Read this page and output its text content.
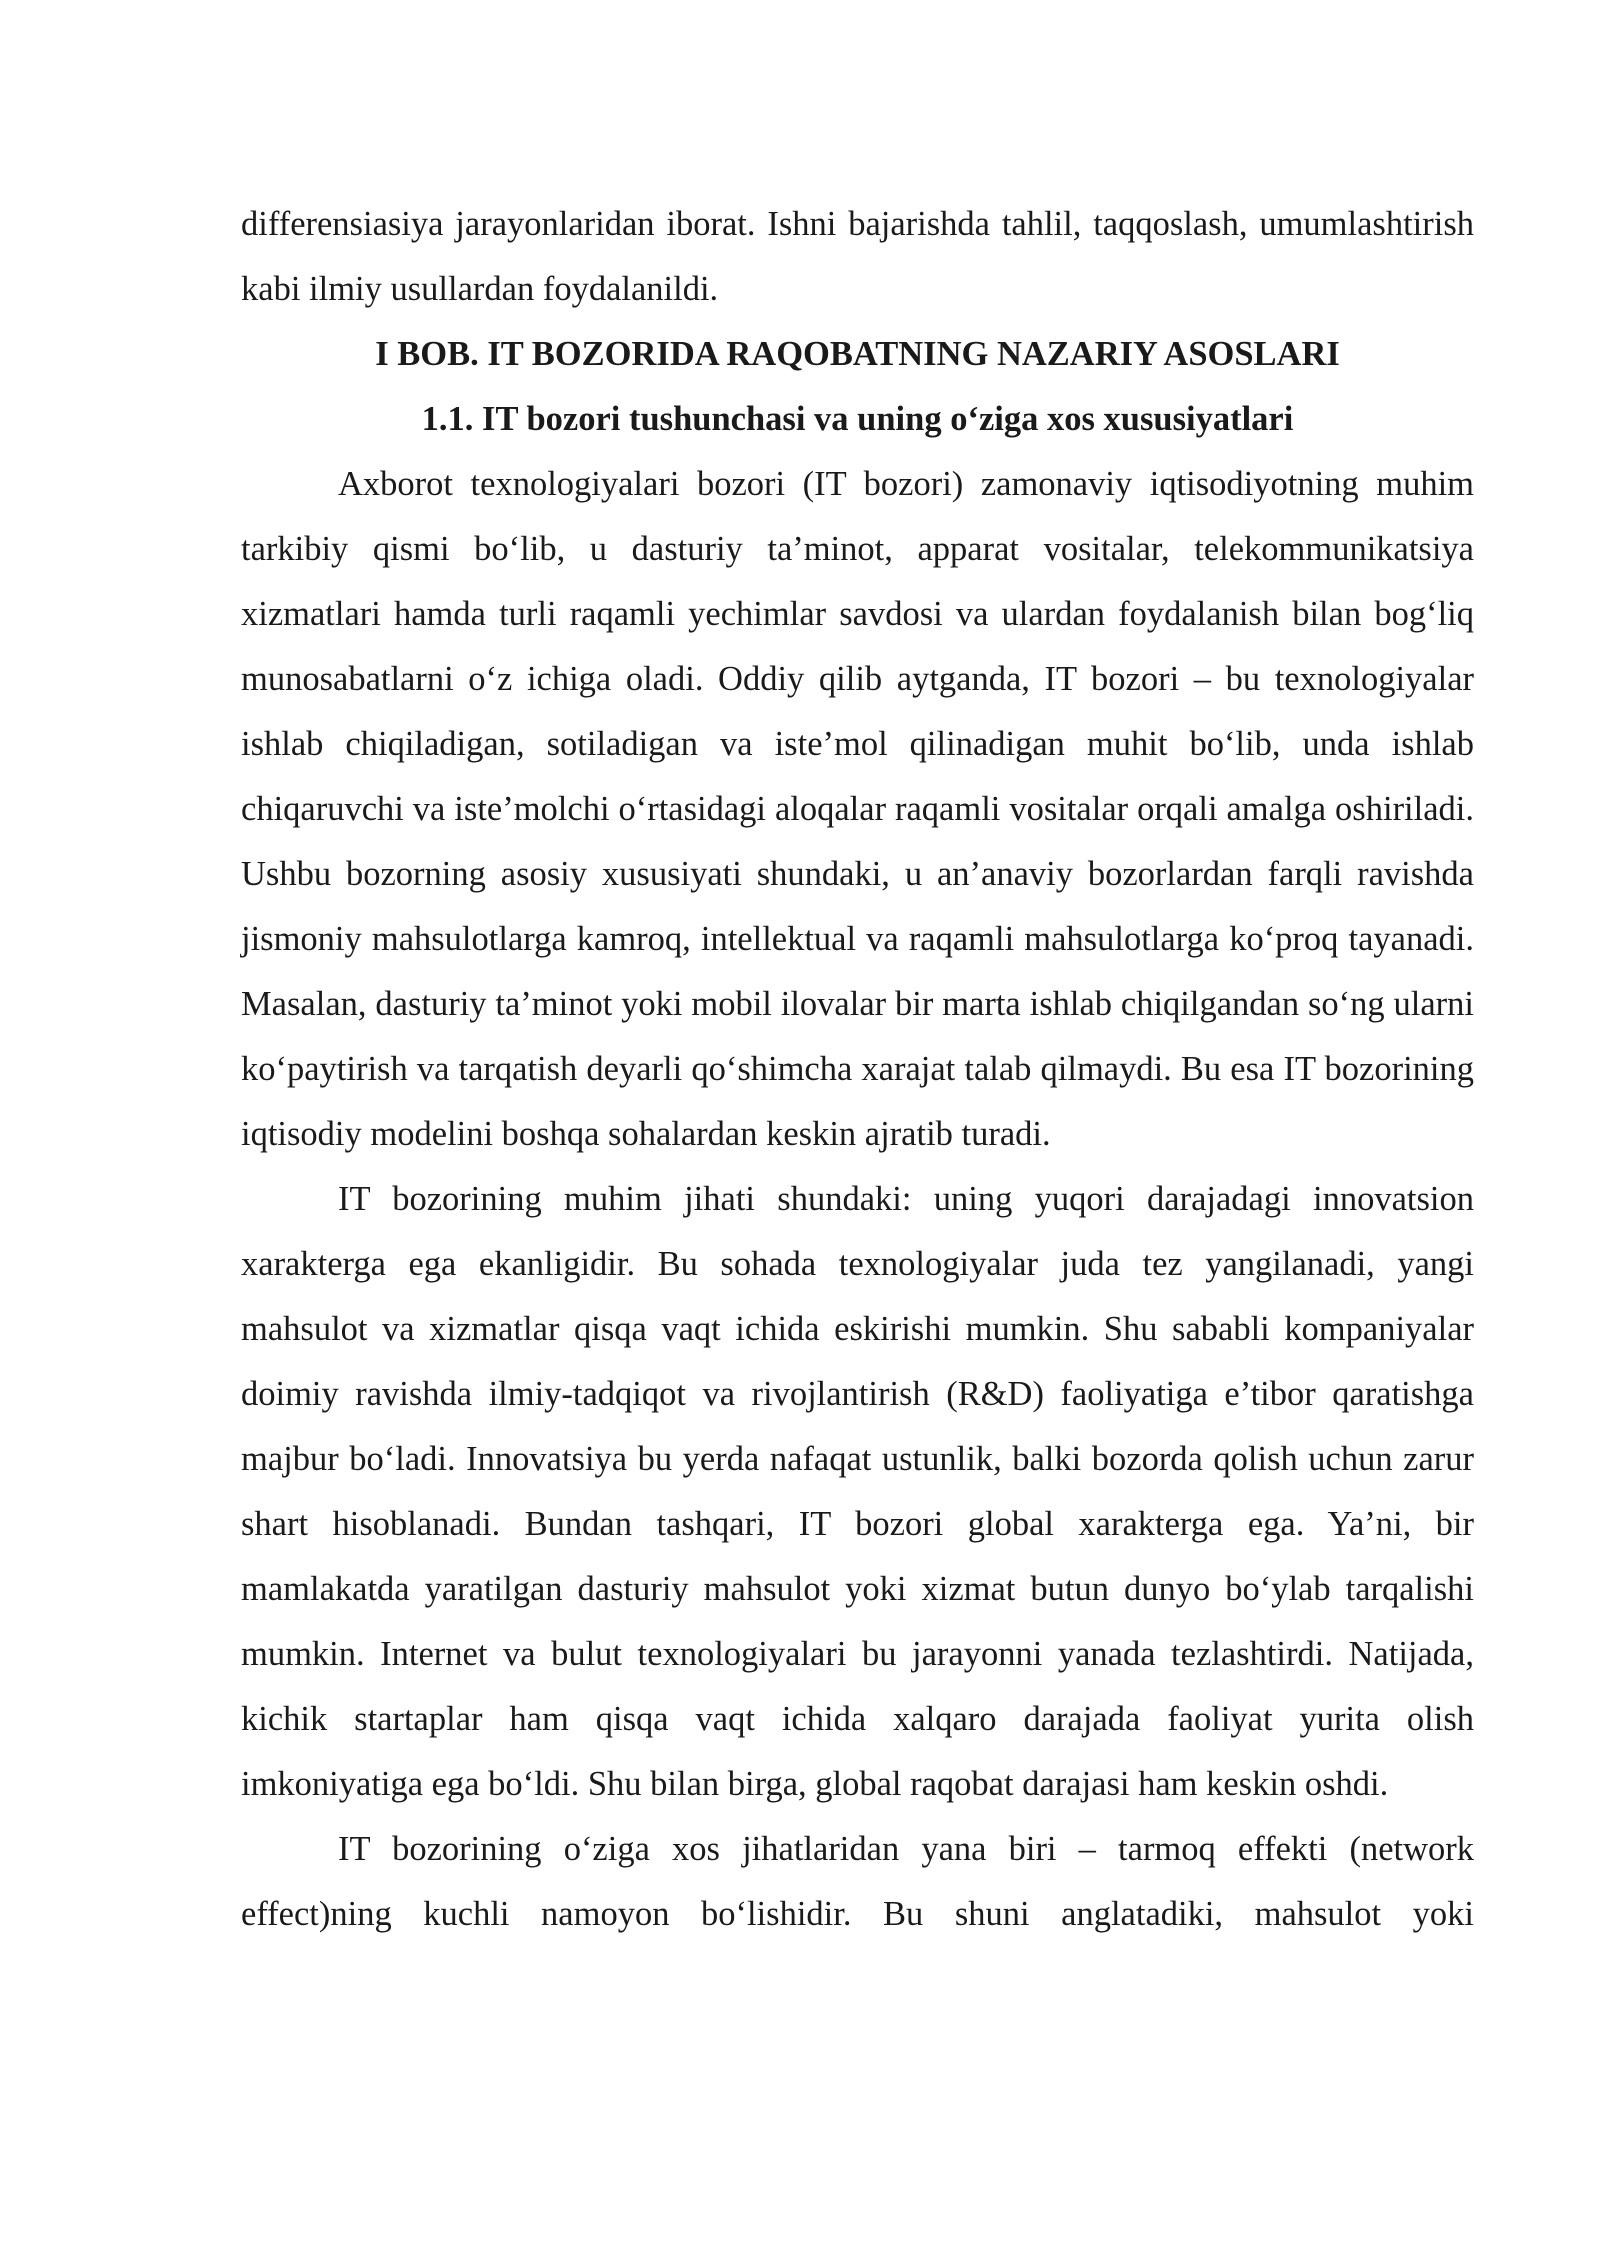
differensiasiya jarayonlaridan iborat. Ishni bajarishda tahlil, taqqoslash, umumlashtirish kabi ilmiy usullardan foydalanildi.

I BOB. IT BOZORIDA RAQOBATNING NAZARIY ASOSLARI
1.1. IT bozori tushunchasi va uning o‘ziga xos xususiyatlari

Axborot texnologiyalari bozori (IT bozori) zamonaviy iqtisodiyotning muhim tarkibiy qismi bo‘lib, u dasturiy ta’minot, apparat vositalar, telekommunikatsiya xizmatlari hamda turli raqamli yechimlar savdosi va ulardan foydalanish bilan bog‘liq munosabatlarni o‘z ichiga oladi. Oddiy qilib aytganda, IT bozori – bu texnologiyalar ishlab chiqiladigan, sotiladigan va iste’mol qilinadigan muhit bo‘lib, unda ishlab chiqaruvchi va iste’molchi o‘rtasidagi aloqalar raqamli vositalar orqali amalga oshiriladi. Ushbu bozorning asosiy xususiyati shundaki, u an’anaviy bozorlardan farqli ravishda jismoniy mahsulotlarga kamroq, intellektual va raqamli mahsulotlarga ko‘proq tayanadi. Masalan, dasturiy ta’minot yoki mobil ilovalar bir marta ishlab chiqilgandan so‘ng ularni ko‘paytirish va tarqatish deyarli qo‘shimcha xarajat talab qilmaydi. Bu esa IT bozorining iqtisodiy modelini boshqa sohalardan keskin ajratib turadi.

IT bozorining muhim jihati shundaki: uning yuqori darajadagi innovatsion xarakterga ega ekanligidir. Bu sohada texnologiyalar juda tez yangilanadi, yangi mahsulot va xizmatlar qisqa vaqt ichida eskirishi mumkin. Shu sababli kompaniyalar doimiy ravishda ilmiy-tadqiqot va rivojlantirish (R&D) faoliyatiga e’tibor qaratishga majbur bo‘ladi. Innovatsiya bu yerda nafaqat ustunlik, balki bozorda qolish uchun zarur shart hisoblanadi. Bundan tashqari, IT bozori global xarakterga ega. Ya’ni, bir mamlakatda yaratilgan dasturiy mahsulot yoki xizmat butun dunyo bo‘ylab tarqalishi mumkin. Internet va bulut texnologiyalari bu jarayonni yanada tezlashtirdi. Natijada, kichik startaplar ham qisqa vaqt ichida xalqaro darajada faoliyat yurita olish imkoniyatiga ega bo‘ldi. Shu bilan birga, global raqobat darajasi ham keskin oshdi.

IT bozorining o‘ziga xos jihatlaridan yana biri – tarmoq effekti (network effect)ning kuchli namoyon bo‘lishidir. Bu shuni anglatadiki, mahsulot yoki
